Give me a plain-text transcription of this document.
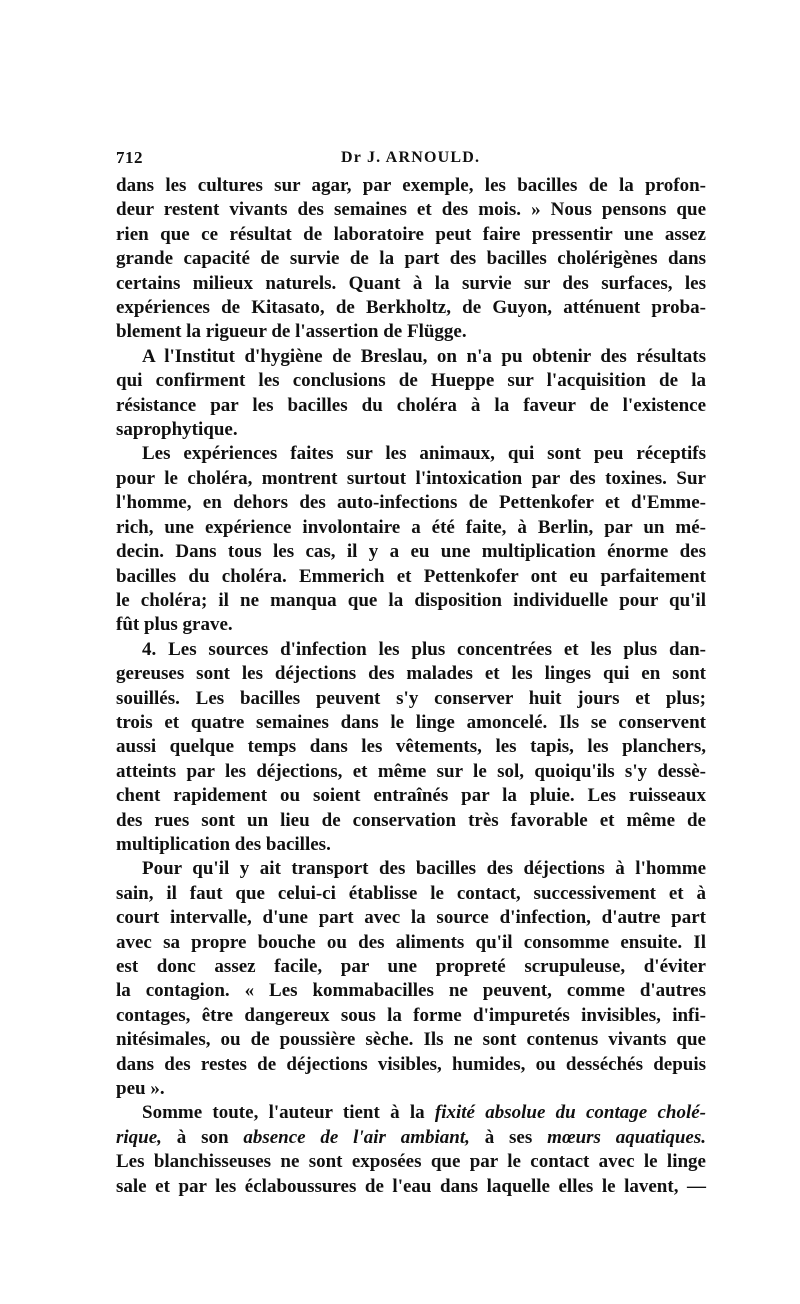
712	Dr J. ARNOULD.

dans les cultures sur agar, par exemple, les bacilles de la profon-
deur restent vivants des semaines et des mois. » Nous pensons que
rien que ce résultat de laboratoire peut faire pressentir une assez
grande capacité de survie de la part des bacilles cholérigènes dans
certains milieux naturels. Quant à la survie sur des surfaces, les
expériences de Kitasato, de Berkholtz, de Guyon, atténuent proba-
blement la rigueur de l'assertion de Flügge.

A l'Institut d'hygiène de Breslau, on n'a pu obtenir des résultats
qui confirment les conclusions de Hueppe sur l'acquisition de la
résistance par les bacilles du choléra à la faveur de l'existence
saprophytique.

Les expériences faites sur les animaux, qui sont peu réceptifs
pour le choléra, montrent surtout l'intoxication par des toxines. Sur
l'homme, en dehors des auto-infections de Pettenkofer et d'Emme-
rich, une expérience involontaire a été faite, à Berlin, par un mé-
decin. Dans tous les cas, il y a eu une multiplication énorme des
bacilles du choléra. Emmerich et Pettenkofer ont eu parfaitement
le choléra; il ne manqua que la disposition individuelle pour qu'il
fût plus grave.

4. Les sources d'infection les plus concentrées et les plus dan-
gereuses sont les déjections des malades et les linges qui en sont
souillés. Les bacilles peuvent s'y conserver huit jours et plus;
trois et quatre semaines dans le linge amoncelé. Ils se conservent
aussi quelque temps dans les vêtements, les tapis, les planchers,
atteints par les déjections, et même sur le sol, quoiqu'ils s'y dessè-
chent rapidement ou soient entraînés par la pluie. Les ruisseaux
des rues sont un lieu de conservation très favorable et même de
multiplication des bacilles.

Pour qu'il y ait transport des bacilles des déjections à l'homme
sain, il faut que celui-ci établisse le contact, successivement et à
court intervalle, d'une part avec la source d'infection, d'autre part
avec sa propre bouche ou des aliments qu'il consomme ensuite. Il
est donc assez facile, par une propreté scrupuleuse, d'éviter
la contagion. « Les kommabacilles ne peuvent, comme d'autres
contages, être dangereux sous la forme d'impuretés invisibles, infi-
nitésimales, ou de poussière sèche. Ils ne sont contenus vivants que
dans des restes de déjections visibles, humides, ou desséchés depuis
peu ».

Somme toute, l'auteur tient à la fixité absolue du contage cholé-
rique, à son absence de l'air ambiant, à ses mœurs aquatiques.
Les blanchisseuses ne sont exposées que par le contact avec le linge
sale et par les éclaboussures de l'eau dans laquelle elles le lavent, —
